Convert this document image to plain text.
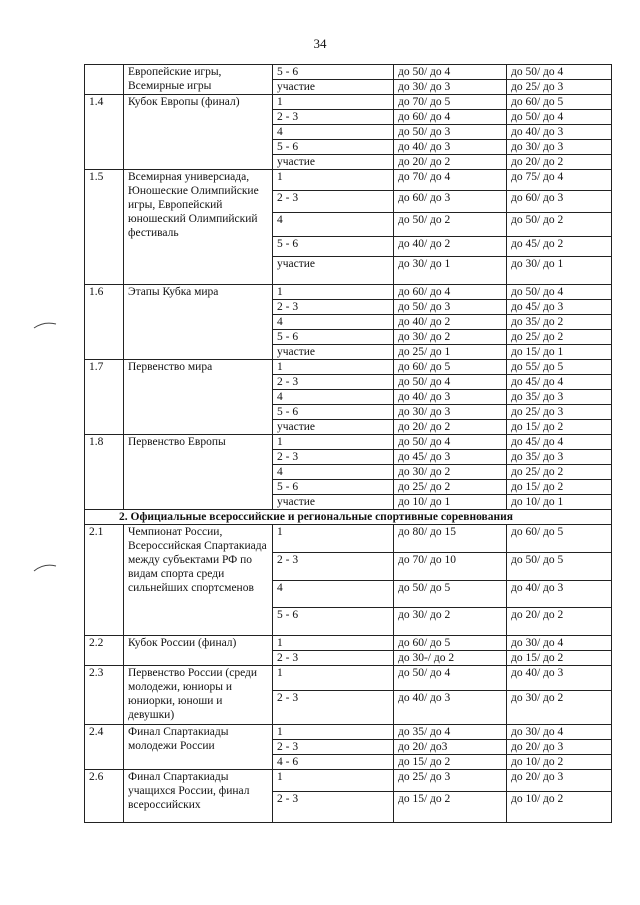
34
	Европейские игры, Всемирные игры	5 - 6	до 50/ до 4	до 50/ до 4
		участие	до 30/ до 3	до 25/ до 3
1.4	Кубок Европы (финал)	1	до 70/ до 5	до 60/ до 5
		2 - 3	до 60/ до 4	до 50/ до 4
		4	до 50/ до 3	до 40/ до 3
		5 - 6	до 40/ до 3	до 30/ до 3
		участие	до 20/ до 2	до 20/ до 2
1.5	Всемирная универсиада, Юношеские Олимпийские игры, Европейский юношеский Олимпийский фестиваль	1	до 70/ до 4	до 75/ до 4
		2 - 3	до 60/ до 3	до 60/ до 3
		4	до 50/ до 2	до 50/ до 2
		5 - 6	до 40/ до 2	до 45/ до 2
		участие	до 30/ до 1	до 30/ до 1
1.6	Этапы Кубка мира	1	до 60/ до 4	до 50/ до 4
		2 - 3	до 50/ до 3	до 45/ до 3
		4	до 40/ до 2	до 35/ до 2
		5 - 6	до 30/ до 2	до 25/ до 2
		участие	до 25/ до 1	до 15/ до 1
1.7	Первенство мира	1	до 60/ до 5	до 55/ до 5
		2 - 3	до 50/ до 4	до 45/ до 4
		4	до 40/ до 3	до 35/ до 3
		5 - 6	до 30/ до 3	до 25/ до 3
		участие	до 20/ до 2	до 15/ до 2
1.8	Первенство Европы	1	до 50/ до 4	до 45/ до 4
		2 - 3	до 45/ до 3	до 35/ до 3
		4	до 30/ до 2	до 25/ до 2
		5 - 6	до 25/ до 2	до 15/ до 2
		участие	до 10/ до 1	до 10/ до 1
2. Официальные всероссийские и региональные спортивные соревнования				
2.1	Чемпионат России, Всероссийская Спартакиада между субъектами РФ по видам спорта среди сильнейших спортсменов	1	до 80/ до 15	до 60/ до 5
		2 - 3	до 70/ до 10	до 50/ до 5
		4	до 50/ до 5	до 40/ до 3
		5 - 6	до 30/ до 2	до 20/ до 2
2.2	Кубок России (финал)	1	до 60/ до 5	до 30/ до 4
		2 - 3	до 30-/ до 2	до 15/ до 2
2.3	Первенство России (среди молодежи, юниоры и юниорки, юноши и девушки)	1	до 50/ до 4	до 40/ до 3
		2 - 3	до 40/ до 3	до 30/ до 2
2.4	Финал Спартакиады молодежи России	1	до 35/ до 4	до 30/ до 4
		2 - 3	до 20/ до3	до 20/ до 3
		4 - 6	до 15/ до 2	до 10/ до 2
2.6	Финал Спартакиады учащихся России, финал всероссийских	1	до 25/ до 3	до 20/ до 3
		2 - 3	до 15/ до 2	до 10/ до 2
